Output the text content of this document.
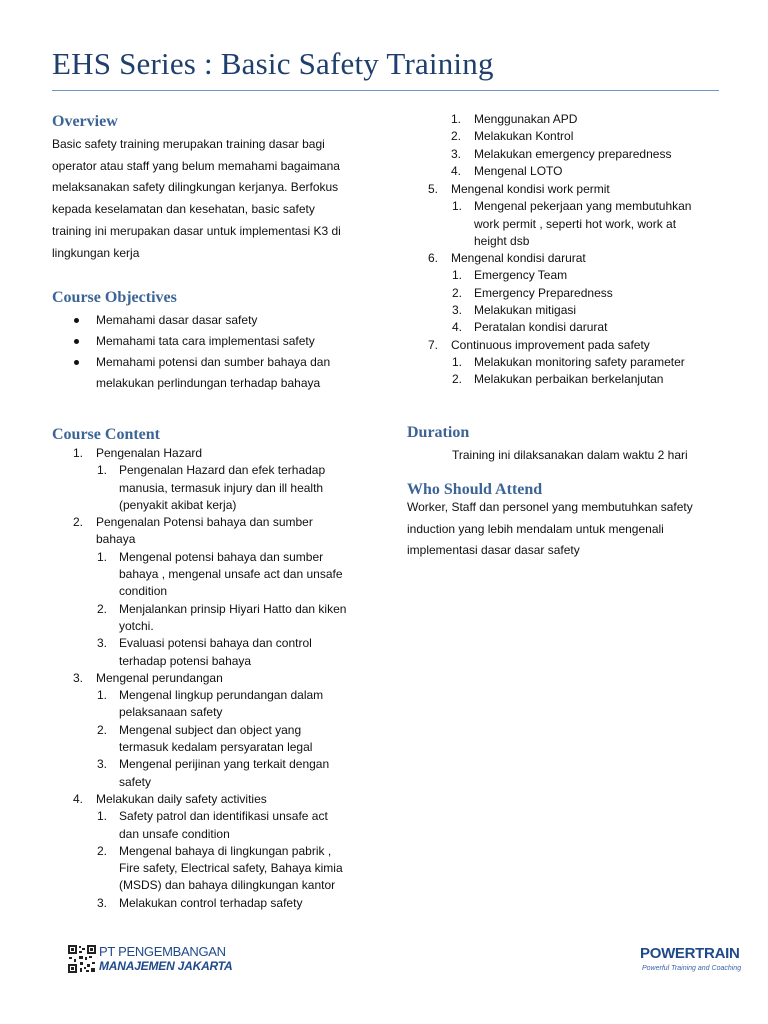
EHS Series : Basic Safety Training
Overview
Basic safety training merupakan training dasar bagi
operator atau staff yang belum memahami bagaimana
melaksanakan safety dilingkungan kerjanya. Berfokus
kepada keselamatan dan kesehatan, basic safety
training ini merupakan dasar untuk implementasi K3 di
lingkungan kerja
Course Objectives
Memahami dasar dasar safety
Memahami tata cara implementasi safety
Memahami potensi dan sumber bahaya dan
melakukan perlindungan terhadap bahaya
Course Content
1. Pengenalan Hazard
1. Pengenalan Hazard dan efek terhadap
manusia, termasuk injury dan ill health
(penyakit akibat kerja)
2. Pengenalan Potensi bahaya dan sumber
bahaya
1. Mengenal potensi bahaya dan sumber
bahaya , mengenal unsafe act dan unsafe
condition
2. Menjalankan prinsip Hiyari Hatto dan kiken
yotchi.
3. Evaluasi potensi bahaya dan control
terhadap potensi bahaya
3. Mengenal perundangan
1. Mengenal lingkup perundangan dalam
pelaksanaan safety
2. Mengenal subject dan object yang
termasuk kedalam persyaratan legal
3. Mengenal perijinan yang terkait dengan
safety
4. Melakukan daily safety activities
1. Safety patrol dan identifikasi unsafe act
dan unsafe condition
2. Mengenal bahaya di lingkungan pabrik ,
Fire safety, Electrical safety, Bahaya kimia
(MSDS) dan bahaya dilingkungan kantor
3. Melakukan control terhadap safety
1. Menggunakan APD
2. Melakukan Kontrol
3. Melakukan emergency preparedness
4. Mengenal LOTO
5. Mengenal kondisi work permit
1. Mengenal pekerjaan yang membutuhkan
work permit , seperti hot work, work at
height dsb
6. Mengenal kondisi darurat
1. Emergency Team
2. Emergency Preparedness
3. Melakukan mitigasi
4. Peratalan kondisi darurat
7. Continuous improvement pada safety
1. Melakukan monitoring safety parameter
2. Melakukan perbaikan berkelanjutan
Duration
Training ini dilaksanakan dalam waktu 2 hari
Who Should Attend
Worker, Staff dan personel yang membutuhkan safety
induction yang lebih mendalam untuk mengenali
implementasi dasar dasar safety
PT PENGEMBANGAN
MANAJEMEN JAKARTA
POWERTRAIN
Powerful Training and Coaching
